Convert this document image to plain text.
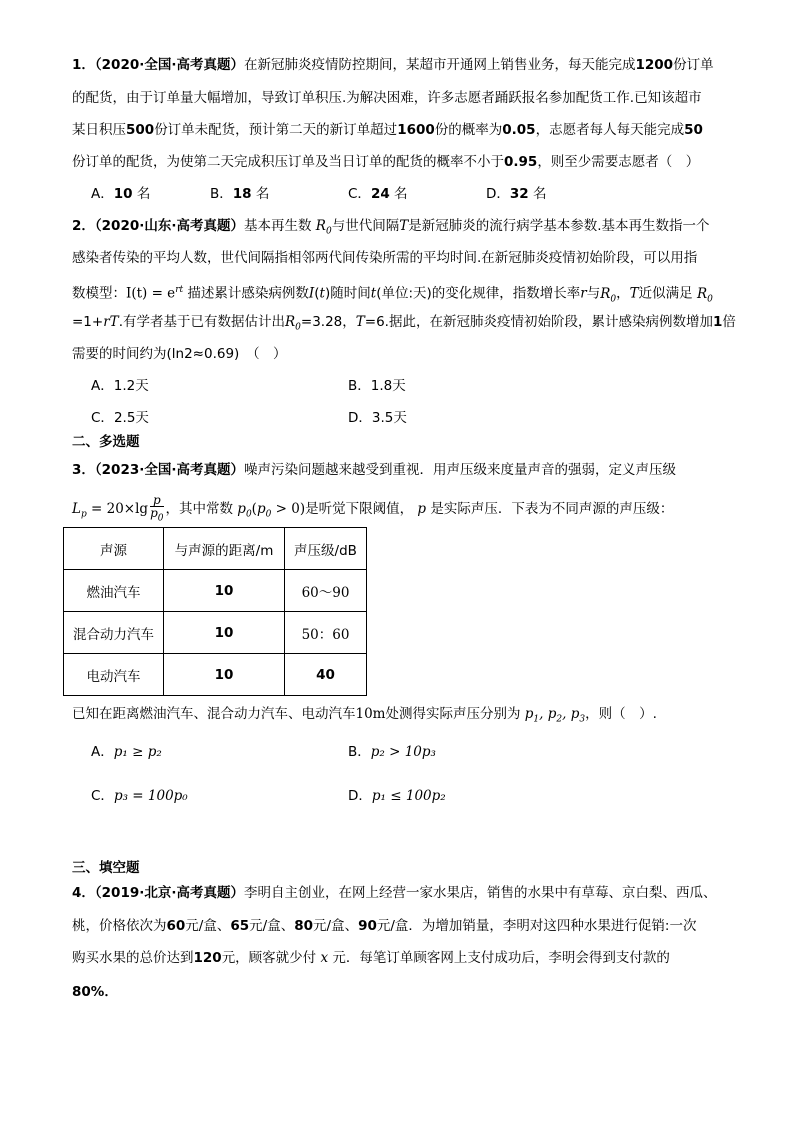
1．（2020·全国·高考真题）在新冠肺炎疫情防控期间，某超市开通网上销售业务，每天能完成1200份订单
的配货，由于订单量大幅增加，导致订单积压.为解决困难，许多志愿者踊跃报名参加配货工作.已知该超市
某日积压500份订单未配货，预计第二天的新订单超过1600份的概率为0.05，志愿者每人每天能完成50
份订单的配货，为使第二天完成积压订单及当日订单的配货的概率不小于0.95，则至少需要志愿者（　）
A．10 名	B．18 名	C．24 名	D．32 名
2．（2020·山东·高考真题）基本再生数 $R_0$与世代间隔T是新冠肺炎的流行病学基本参数.基本再生数指一个
感染者传染的平均人数，世代间隔指相邻两代间传染所需的平均时间.在新冠肺炎疫情初始阶段，可以用指
数模型：$I(t) = e^{rt}$ 描述累计感染病例数I(t)随时间t(单位:天)的变化规律，指数增长率r与$R_0$，T近似满足 $R_0$
=1+rT.有学者基于已有数据估计出$R_0=3.28$，T=6.据此，在新冠肺炎疫情初始阶段，累计感染病例数增加1倍
需要的时间约为(ln2≈0.69)　 （　）
A．1.2天	B．1.8天
C．2.5天	D．3.5天
二、多选题
3．（2023·全国·高考真题）噪声污染问题越来越受到重视．用声压级来度量声音的强弱，定义声压级
$L_p = 20\times\lg \frac{p}{p_0}$ ，其中常数 $p_0(p_0 > 0)$是听觉下限阈值， p 是实际声压．下表为不同声源的声压级：
声源	与声源的距离/m	声压级/dB
燃油汽车	10	60～90
混合动力汽车	10	50：60
电动汽车	10	40
已知在距离燃油汽车、混合动力汽车、电动汽车10m处测得实际声压分别为 $p_1$, $p_2$, $p_3$，则（　）.
A．p₁ ≥ p₂	B．p₂ > 10p₃
C．p₃ = 100p₀	D．p₁ ≤ 100p₂
三、填空题
4．（2019·北京·高考真题）李明自主创业，在网上经营一家水果店，销售的水果中有草莓、京白梨、西瓜、
桃，价格依次为60元/盒、65元/盒、80元/盒、90元/盒．为增加销量，李明对这四种水果进行促销:一次
购买水果的总价达到120元，顾客就少付 x 元．每笔订单顾客网上支付成功后，李明会得到支付款的
80%．
